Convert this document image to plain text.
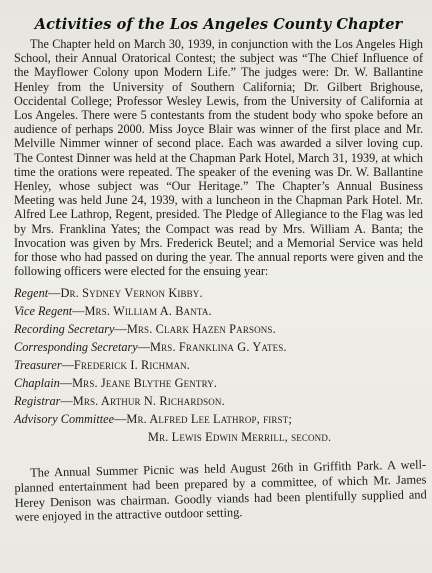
Activities of the Los Angeles County Chapter

The Chapter held on March 30, 1939, in conjunction with the Los Angeles High School, their Annual Oratorical Contest; the subject was “The Chief Influence of the Mayflower Colony upon Modern Life.” The judges were: Dr. W. Ballantine Henley from the University of Southern California; Dr. Gilbert Brighouse, Occidental College; Professor Wesley Lewis, from the University of California at Los Angeles. There were 5 contestants from the student body who spoke before an audience of perhaps 2000. Miss Joyce Blair was winner of the first place and Mr. Melville Nimmer winner of second place. Each was awarded a silver loving cup. The Contest Dinner was held at the Chapman Park Hotel, March 31, 1939, at which time the orations were repeated. The speaker of the evening was Dr. W. Ballantine Henley, whose subject was “Our Heritage.” The Chapter’s Annual Business Meeting was held June 24, 1939, with a luncheon in the Chapman Park Hotel. Mr. Alfred Lee Lathrop, Regent, presided. The Pledge of Allegiance to the Flag was led by Mrs. Franklina Yates; the Compact was read by Mrs. William A. Banta; the Invocation was given by Mrs. Frederick Beutel; and a Memorial Service was held for those who had passed on during the year. The annual reports were given and the following officers were elected for the ensuing year:

Regent—Dr. Sydney Vernon Kibby.
Vice Regent—Mrs. William A. Banta.
Recording Secretary—Mrs. Clark Hazen Parsons.
Corresponding Secretary—Mrs. Franklina G. Yates.
Treasurer—Frederick I. Richman.
Chaplain—Mrs. Jeane Blythe Gentry.
Registrar—Mrs. Arthur N. Richardson.
Advisory Committee—Mr. Alfred Lee Lathrop, first;
Mr. Lewis Edwin Merrill, second.

The Annual Summer Picnic was held August 26th in Griffith Park. A well-planned entertainment had been prepared by a committee, of which Mr. James Herey Denison was chairman. Goodly viands had been plentifully supplied and were enjoyed in the attractive outdoor setting.
